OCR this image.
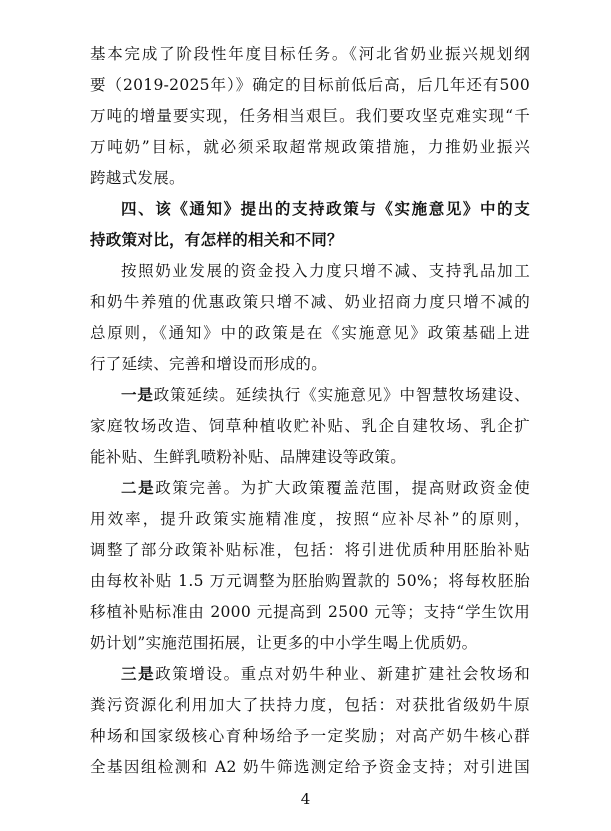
基本完成了阶段性年度目标任务。《河北省奶业振兴规划纲
要（2019-2025年）》确定的目标前低后高，后几年还有500
万吨的增量要实现，任务相当艰巨。我们要攻坚克难实现“千
万吨奶”目标，就必须采取超常规政策措施，力推奶业振兴
跨越式发展。
四、该《通知》提出的支持政策与《实施意见》中的支
持政策对比，有怎样的相关和不同？
按照奶业发展的资金投入力度只增不减、支持乳品加工
和奶牛养殖的优惠政策只增不减、奶业招商力度只增不减的
总原则，《通知》中的政策是在《实施意见》政策基础上进
行了延续、完善和增设而形成的。
一是政策延续。延续执行《实施意见》中智慧牧场建设、
家庭牧场改造、饲草种植收贮补贴、乳企自建牧场、乳企扩
能补贴、生鲜乳喷粉补贴、品牌建设等政策。
二是政策完善。为扩大政策覆盖范围，提高财政资金使
用效率，提升政策实施精准度，按照“应补尽补”的原则，
调整了部分政策补贴标准，包括：将引进优质种用胚胎补贴
由每枚补贴 1.5 万元调整为胚胎购置款的 50%；将每枚胚胎
移植补贴标准由 2000 元提高到 2500 元等；支持“学生饮用
奶计划”实施范围拓展，让更多的中小学生喝上优质奶。
三是政策增设。重点对奶牛种业、新建扩建社会牧场和
粪污资源化利用加大了扶持力度，包括：对获批省级奶牛原
种场和国家级核心育种场给予一定奖励；对高产奶牛核心群
4
全基因组检测和 A2 奶牛筛选测定给予资金支持；对引进国
